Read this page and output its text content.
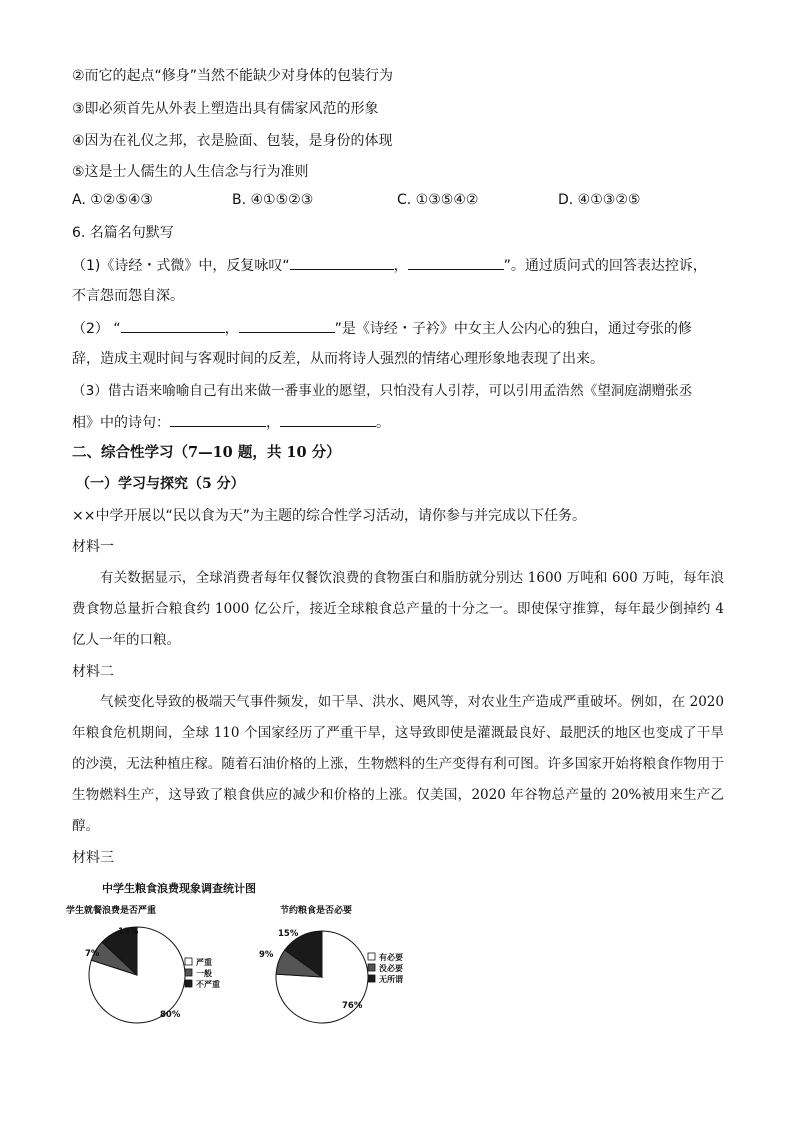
②而它的起点“修身”当然不能缺少对身体的包装行为
③即必须首先从外表上塑造出具有儒家风范的形象
④因为在礼仪之邦，衣是脸面、包装，是身份的体现
⑤这是士人儒生的人生信念与行为准则
A. ①②⑤④③	B. ④①⑤②③	C. ①③⑤④②	D. ④①③②⑤
6. 名篇名句默写
（1)《诗经・式微》中，反复咏叹“	，	”。通过质问式的回答表达控诉，
不言怨而怨自深。
（2） “	，	”是《诗经・子衿》中女主人公内心的独白，通过夸张的修
辞，造成主观时间与客观时间的反差，从而将诗人强烈的情绪心理形象地表现了出来。
（3）借古语来喻喻自己有出来做一番事业的愿望，只怕没有人引荐，可以引用孟浩然《望洞庭湖赠张丞
相》中的诗句：	，	。
二、综合性学习（7—10 题，共 10 分）
（一）学习与探究（5 分）
××中学开展以“民以食为天”为主题的综合性学习活动，请你参与并完成以下任务。
材料一

有关数据显示，全球消费者每年仅餐饮浪费的食物蛋白和脂肪就分别达 1600 万吨和 600 万吨，每年浪费食物总量折合粮食约 1000 亿公斤，接近全球粮食总产量的十分之一。即使保守推算，每年最少倒掉约 4 亿人一年的口粮。

材料二

气候变化导致的极端天气事件频发，如干旱、洪水、飓风等，对农业生产造成严重破坏。例如，在 2020 年粮食危机期间，全球 110 个国家经历了严重干旱，这导致即使是灌溉最良好、最肥沃的地区也变成了干旱的沙漠，无法种植庄稼。随着石油价格的上涨，生物燃料的生产变得有利可图。许多国家开始将粮食作物用于生物燃料生产，这导致了粮食供应的减少和价格的上涨。仅美国，2020 年谷物总产量的 20%被用来生产乙醇。

材料三
中学生粮食浪费现象调查统计图
学生就餐浪费是否严重
80%
7%
13%
严重
一般
不严重
节约粮食是否必要
76%
9%
15%
有必要
没必要
无所谓
